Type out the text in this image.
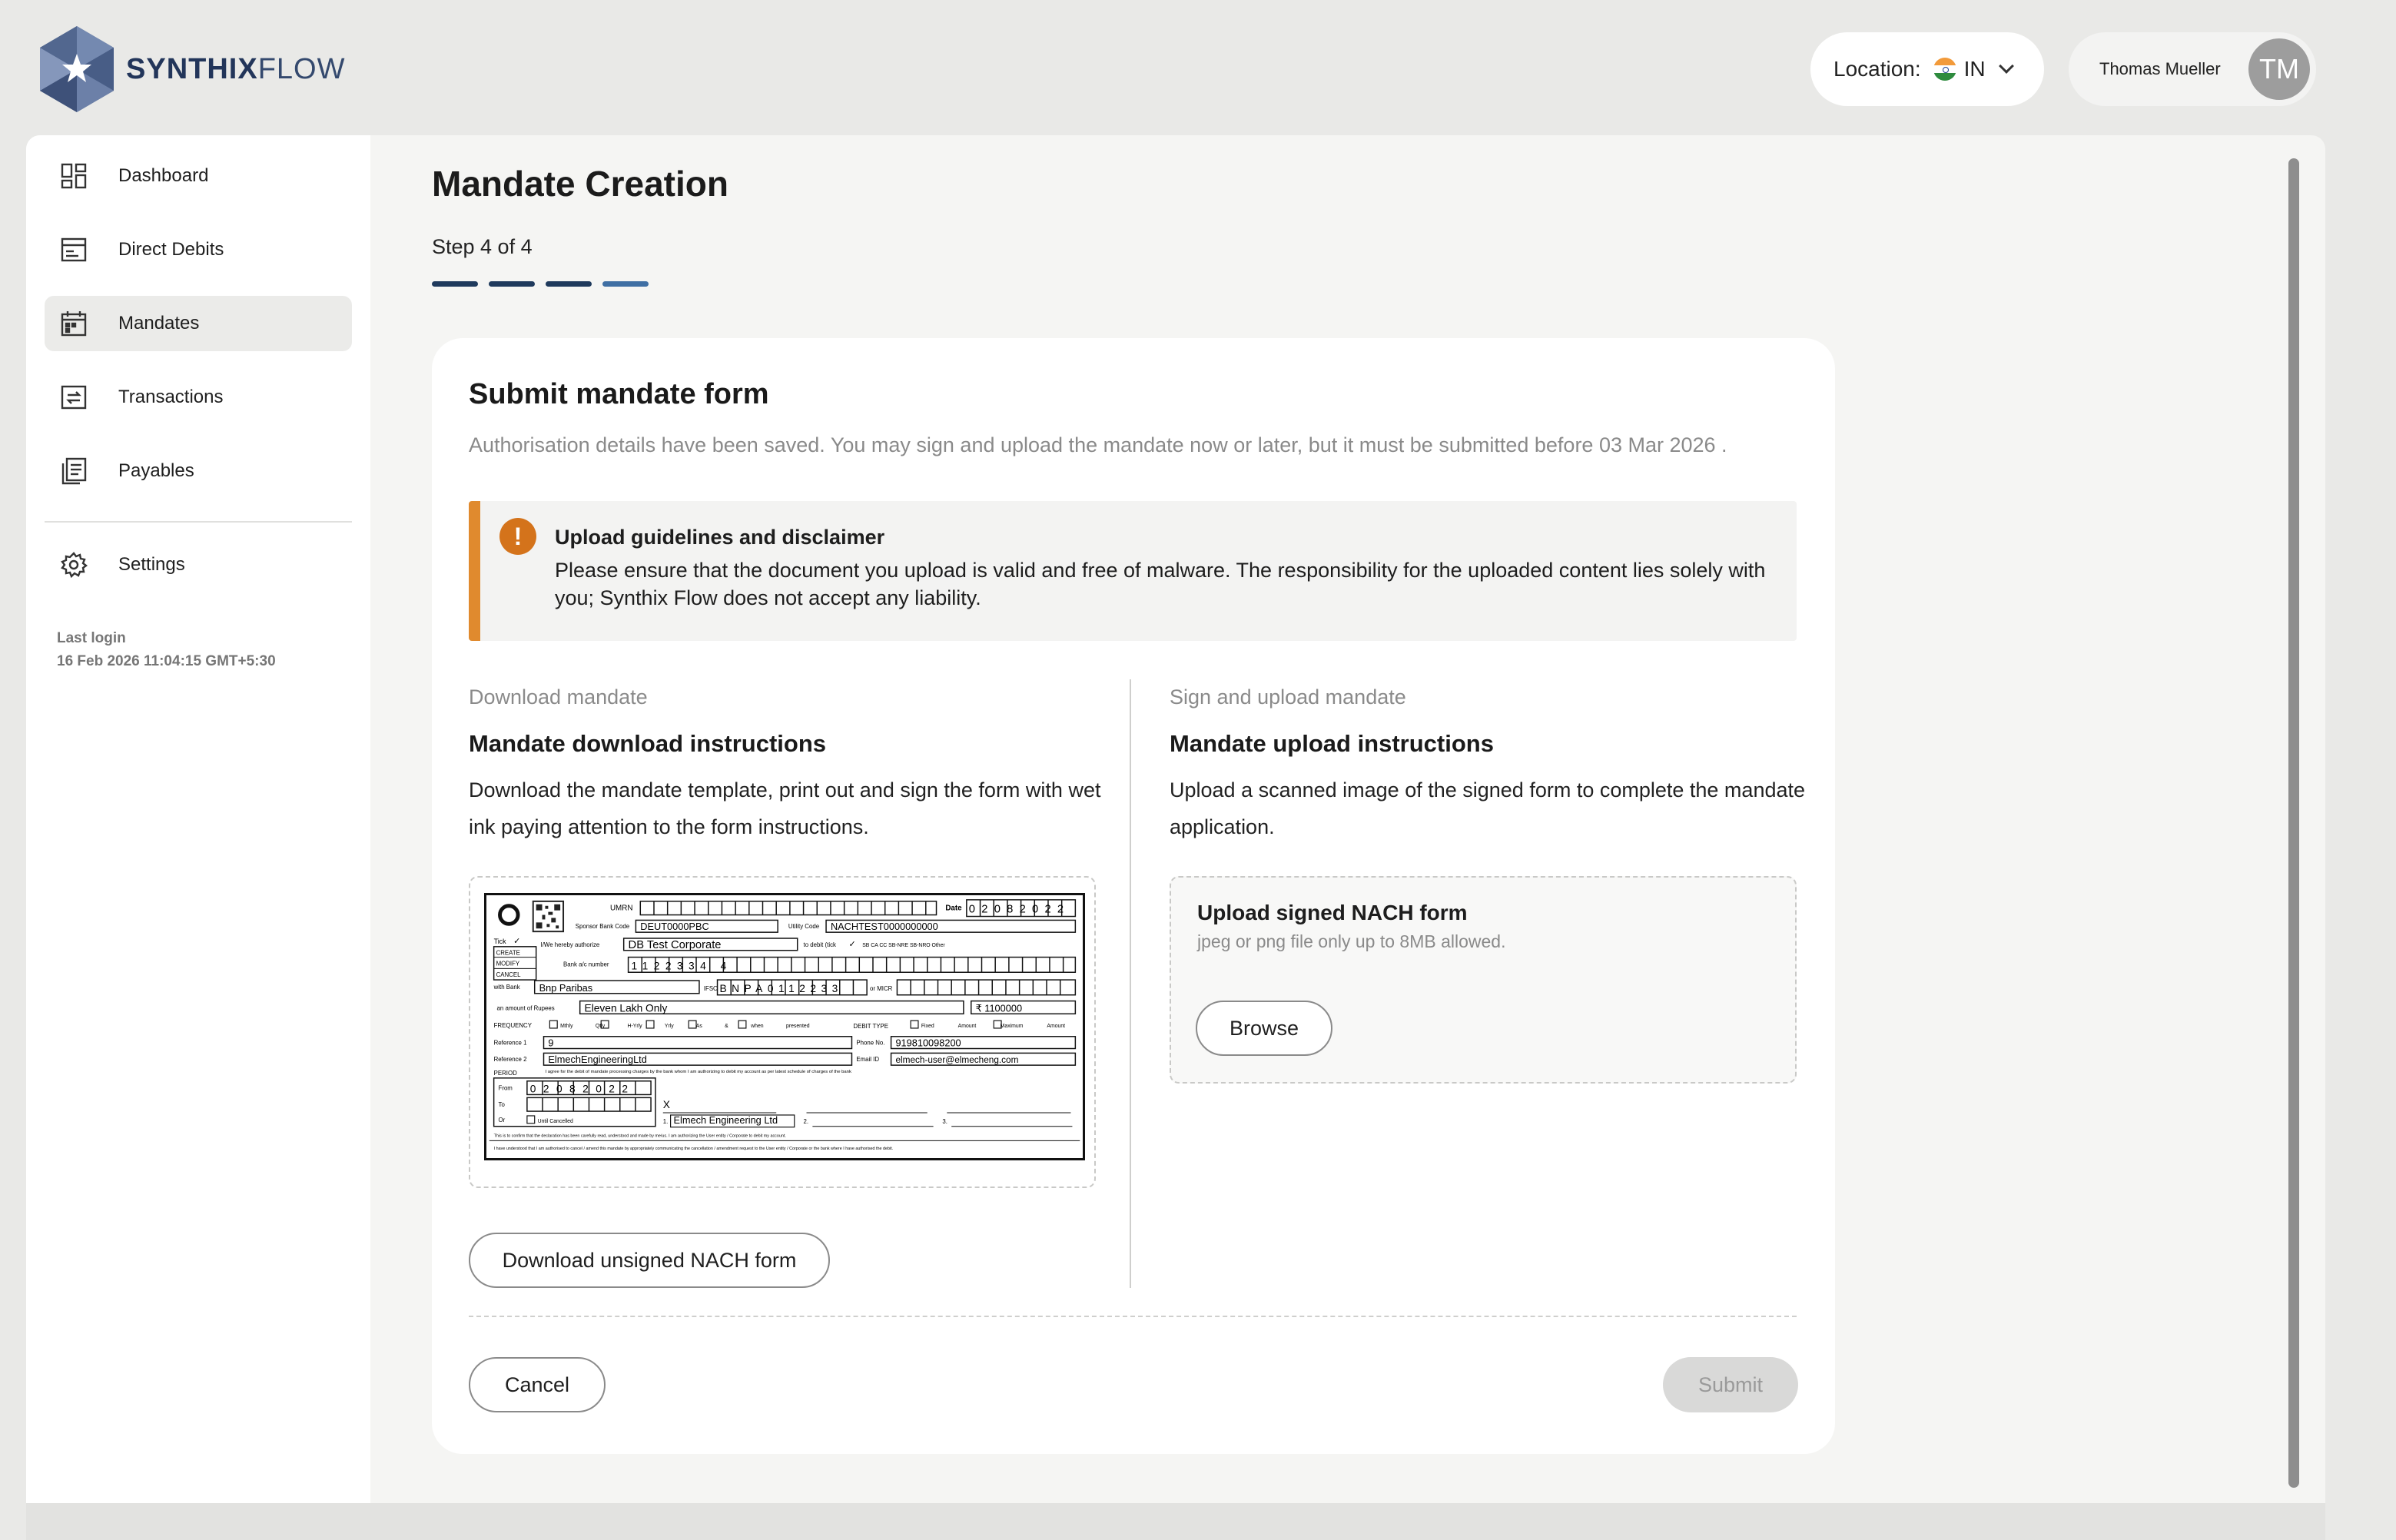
SYNTHIXFLOW	Location: IN	Thomas Mueller	TM
Dashboard
Direct Debits
Mandates
Transactions
Payables
Settings
Last login
16 Feb 2026 11:04:15 GMT+5:30
Mandate Creation
Step 4 of 4
Submit mandate form

Authorisation details have been saved. You may sign and upload the mandate now or later, but it must be submitted before 03 Mar 2026 .

!	Upload guidelines and disclaimer
Please ensure that the document you upload is valid and free of malware. The responsibility for the uploaded content lies solely with you; Synthix Flow does not accept any liability.
Download mandate
Mandate download instructions
Download the mandate template, print out and sign the form with wet ink paying attention to the form instructions.
UMRN	Date 02082022
Sponsor Bank Code DEUT0000PBC	Utility Code NACHTEST0000000000
Tick ✓
CREATE
MODIFY
CANCEL
I/We hereby authorize DB Test Corporate	to debit (tick ✓ SB CA CC SB-NRE SB-NRO Other
Bank a/c number 1122334 4
with Bank Bnp Paribas	IFSC BNPA0112233	or MICR
an amount of Rupees	Eleven Lakh Only	₹ 1100000
FREQUENCY	Mthly Qtly H-Yrly Yrly As & when presented	DEBIT TYPE	Fixed Amount Maximum Amount
Reference 1 9	Phone No. 919810098200
Reference 2 ElmechEngineeringLtd	Email ID elmech-user@elmecheng.com
I agree for the debit of mandate processing charges by the bank whom I am authorizing to debit my account as per latest schedule of charges of the bank
PERIOD
From 02082022
To
Or	Until Cancelled
X
1. Elmech Engineering Ltd	2.	3.
This is to confirm that the declaration has been carefully read, understood and made by me/us. I am authorizing the User entity / Corporate to debit my account.
I have understood that I am authorised to cancel / amend this mandate by appropriately communicating the cancellation / amendment request to the User entity / Corporate or the bank where I have authorised the debit.
Download unsigned NACH form
Sign and upload mandate
Mandate upload instructions
Upload a scanned image of the signed form to complete the mandate application.
Upload signed NACH form
jpeg or png file only up to 8MB allowed.
Browse
Cancel	Submit
